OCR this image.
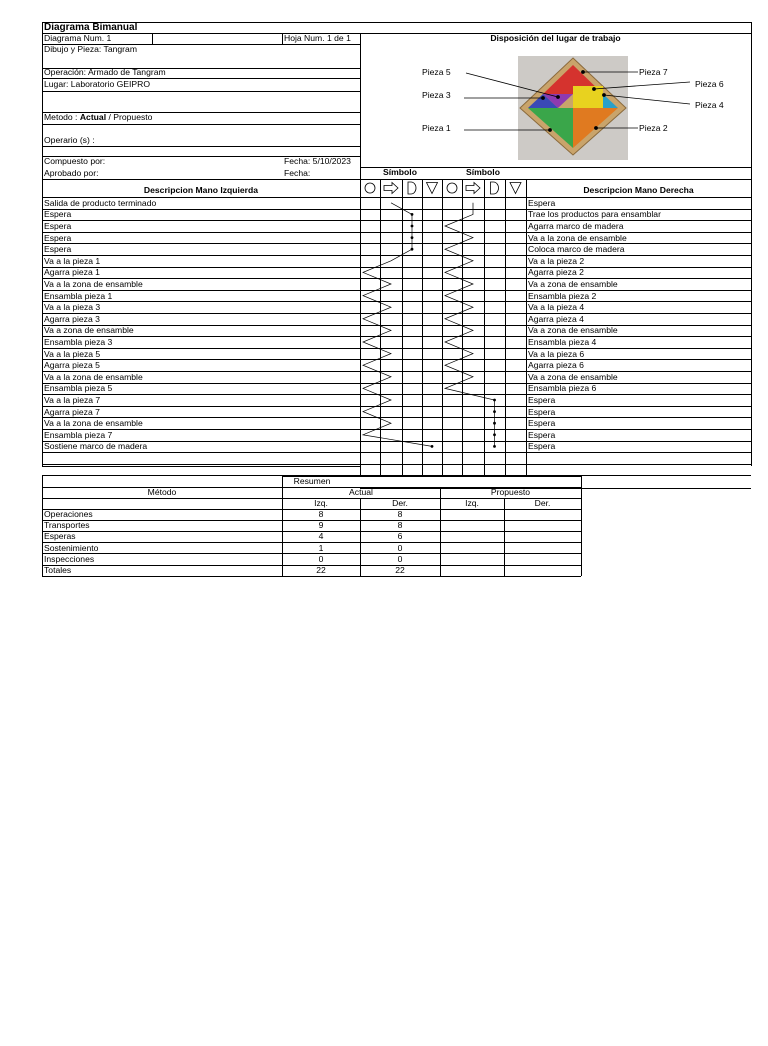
Diagrama Bimanual
Diagrama Num. 1	Hoja Num. 1 de 1	Disposición del lugar de trabajo
Dibujo y Pieza: Tangram
Operación: Armado de Tangram
Lugar: Laboratorio GEIPRO
Metodo : Actual / Propuesto
Operario (s) :
Compuesto por:	Fecha: 5/10/2023
Aprobado por:	Fecha:
Pieza 5
Pieza 3
Pieza 1
Pieza 7
Pieza 6
Pieza 4
Pieza 2
Símbolo	Símbolo
Descripcion Mano Izquierda	Descripcion Mano Derecha
Salida de producto terminado	Espera
Espera	Trae los productos para ensamblar
Espera	Agarra marco de madera
Espera	Va a la zona de ensamble
Espera	Coloca marco de madera
Va a la pieza 1	Va a la pieza 2
Agarra pieza 1	Agarra pieza 2
Va a la zona de ensamble	Va a zona de ensamble
Ensambla pieza 1	Ensambla pieza 2
Va a la pieza 3	Va a la pieza 4
Agarra pieza 3	Agarra pieza 4
Va a zona de ensamble	Va a zona de ensamble
Ensambla pieza 3	Ensambla pieza 4
Va a la pieza 5	Va a la pieza 6
Agarra pieza 5	Agarra pieza 6
Va a la zona de ensamble	Va a zona de ensamble
Ensambla pieza 5	Ensambla pieza 6
Va a la pieza 7	Espera
Agarra pieza 7	Espera
Va a la zona de ensamble	Espera
Ensambla pieza 7	Espera
Sostiene marco de madera	Espera
Resumen
Método	Actual	Propuesto
Izq.	Der.	Izq.	Der.
Operaciones	8	8
Transportes	9	8
Esperas	4	6
Sostenimiento	1	0
Inspecciones	0	0
Totales	22	22
